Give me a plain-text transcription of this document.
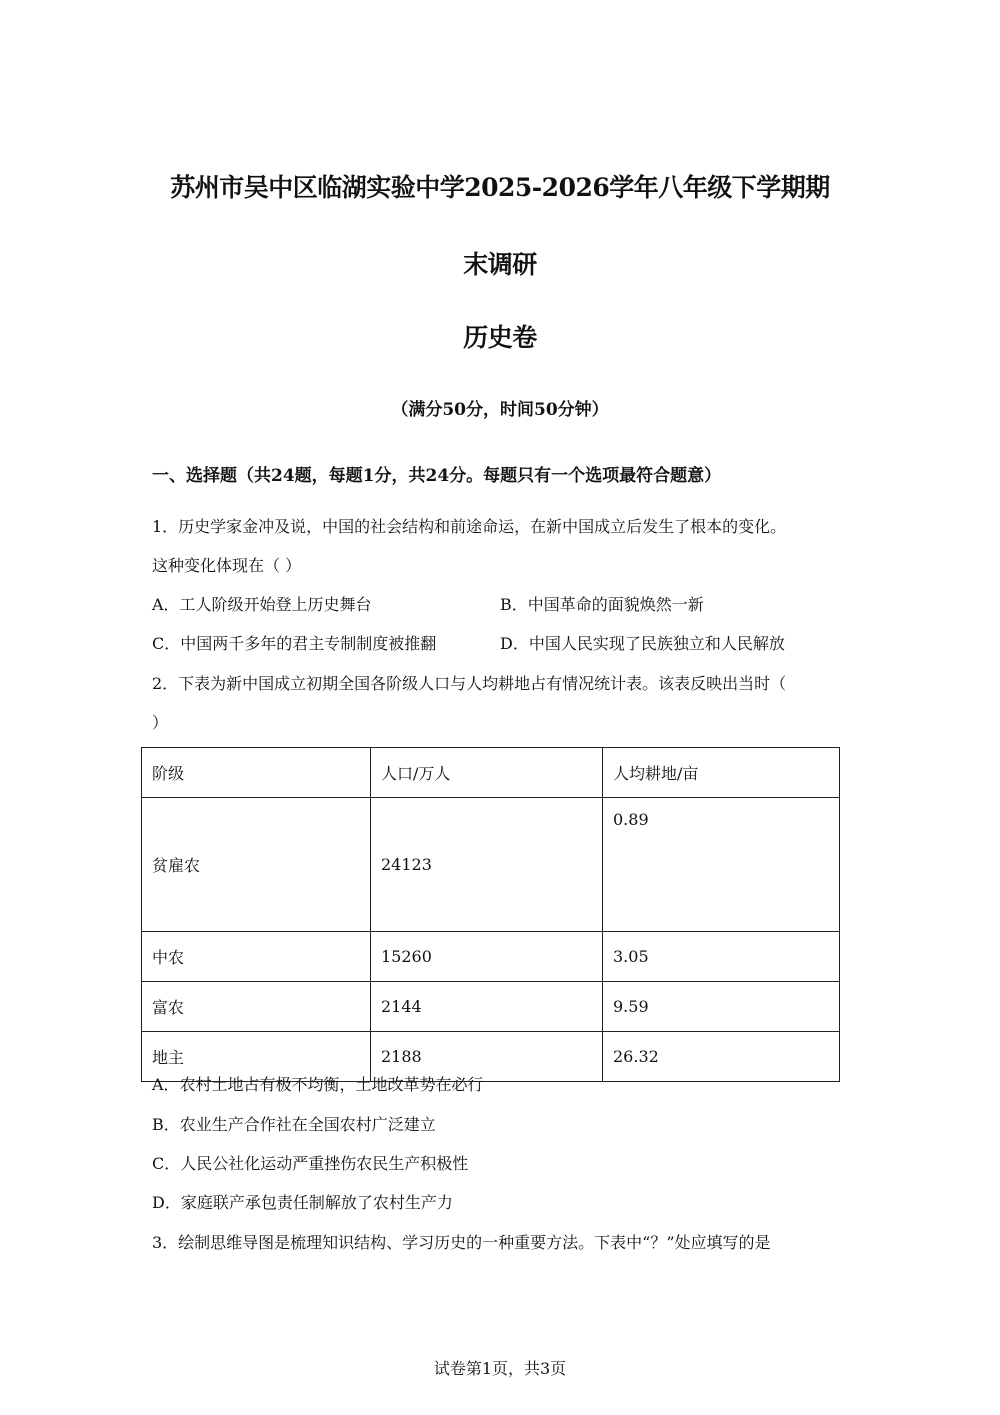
苏州市吴中区临湖实验中学2025-2026学年八年级下学期期
末调研
历史卷
（满分50分，时间50分钟）
一、选择题（共24题，每题1分，共24分。每题只有一个选项最符合题意）
1．历史学家金冲及说，中国的社会结构和前途命运，在新中国成立后发生了根本的变化。
这种变化体现在（ ）
A．工人阶级开始登上历史舞台	B．中国革命的面貌焕然一新
C．中国两千多年的君主专制制度被推翻	D．中国人民实现了民族独立和人民解放
2．下表为新中国成立初期全国各阶级人口与人均耕地占有情况统计表。该表反映出当时（
）
阶级	人口/万人	人均耕地/亩
贫雇农	24123	0.89
中农	15260	3.05
富农	2144	9.59
地主	2188	26.32
A．农村土地占有极不均衡，土地改革势在必行
B．农业生产合作社在全国农村广泛建立
C．人民公社化运动严重挫伤农民生产积极性
D．家庭联产承包责任制解放了农村生产力
3．绘制思维导图是梳理知识结构、学习历史的一种重要方法。下表中“？”处应填写的是
试卷第1页，共3页
